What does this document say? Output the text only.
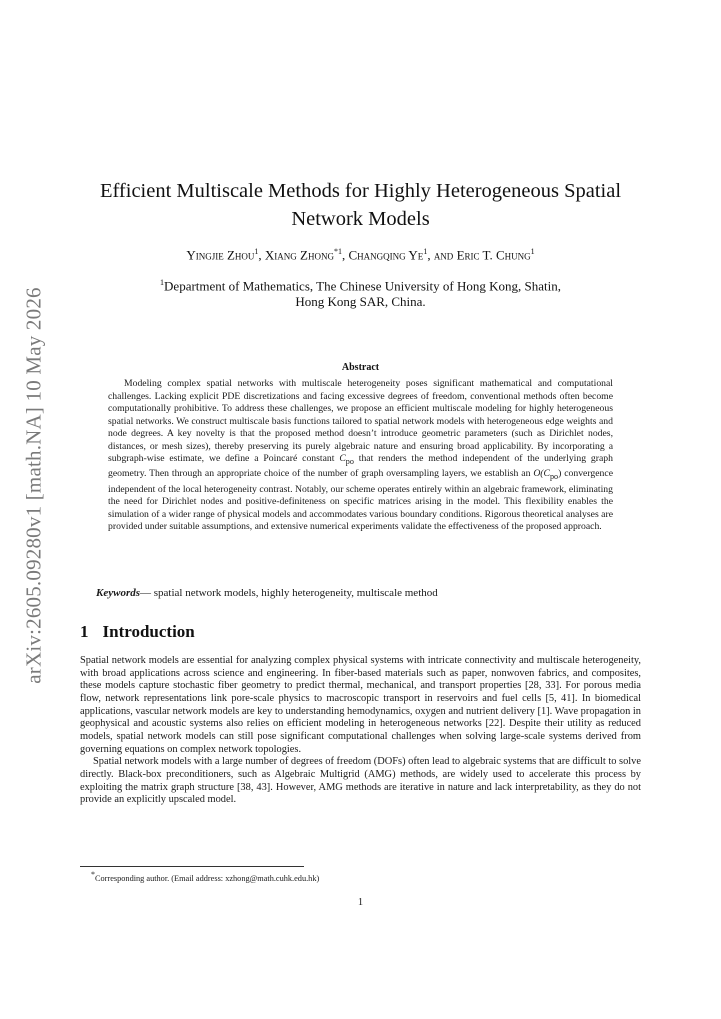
arXiv:2605.09280v1 [math.NA] 10 May 2026
Efficient Multiscale Methods for Highly Heterogeneous Spatial
Network Models
Yingjie Zhou$^1$, Xiang Zhong$^{*1}$, Changqing Ye$^1$, and Eric T. Chung$^1$
$^1$Department of Mathematics, The Chinese University of Hong Kong, Shatin,
Hong Kong SAR, China.
Abstract

Modeling complex spatial networks with multiscale heterogeneity poses significant mathematical and computational challenges. Lacking explicit PDE discretizations and facing excessive degrees of freedom, conventional methods often become computationally prohibitive. To address these challenges, we propose an efficient multiscale modeling for highly heterogeneous spatial networks. We construct multiscale basis functions tailored to spatial network models with heterogeneous edge weights and node degrees. A key novelty is that the proposed method doesn’t introduce geometric parameters (such as Dirichlet nodes, distances, or mesh sizes), thereby preserving its purely algebraic nature and ensuring broad applicability. By incorporating a subgraph-wise estimate, we define a Poincaré constant $C_{po}$ that renders the method independent of the underlying graph geometry. Then through an appropriate choice of the number of graph oversampling layers, we establish an $O(C_{po})$ convergence independent of the local heterogeneity contrast. Notably, our scheme operates entirely within an algebraic framework, eliminating the need for Dirichlet nodes and positive-definiteness on specific matrices arising in the model. This flexibility enables the simulation of a wider range of physical models and accommodates various boundary conditions. Rigorous theoretical analyses are provided under suitable assumptions, and extensive numerical experiments validate the effectiveness of the proposed approach.

Keywords— spatial network models, highly heterogeneity, multiscale method
1 Introduction

Spatial network models are essential for analyzing complex physical systems with intricate connectivity and multiscale heterogeneity, with broad applications across science and engineering. In fiber-based materials such as paper, nonwoven fabrics, and composites, these models capture stochastic fiber geometry to predict thermal, mechanical, and transport properties [28, 33]. For porous media flow, network representations link pore-scale physics to macroscopic transport in reservoirs and fuel cells [5, 41]. In biomedical applications, vascular network models are key to understanding hemodynamics, oxygen and nutrient delivery [1]. Wave propagation in geophysical and acoustic systems also relies on efficient modeling in heterogeneous networks [22]. Despite their utility as reduced models, spatial network models can still pose significant computational challenges when solving large-scale systems derived from governing equations on complex network topologies.

Spatial network models with a large number of degrees of freedom (DOFs) often lead to algebraic systems that are difficult to solve directly. Black-box preconditioners, such as Algebraic Multigrid (AMG) methods, are widely used to accelerate this process by exploiting the matrix graph structure [38, 43]. However, AMG methods are iterative in nature and lack interpretability, as they do not provide an explicitly upscaled model.

*Corresponding author. (Email address: xzhong@math.cuhk.edu.hk)
1
